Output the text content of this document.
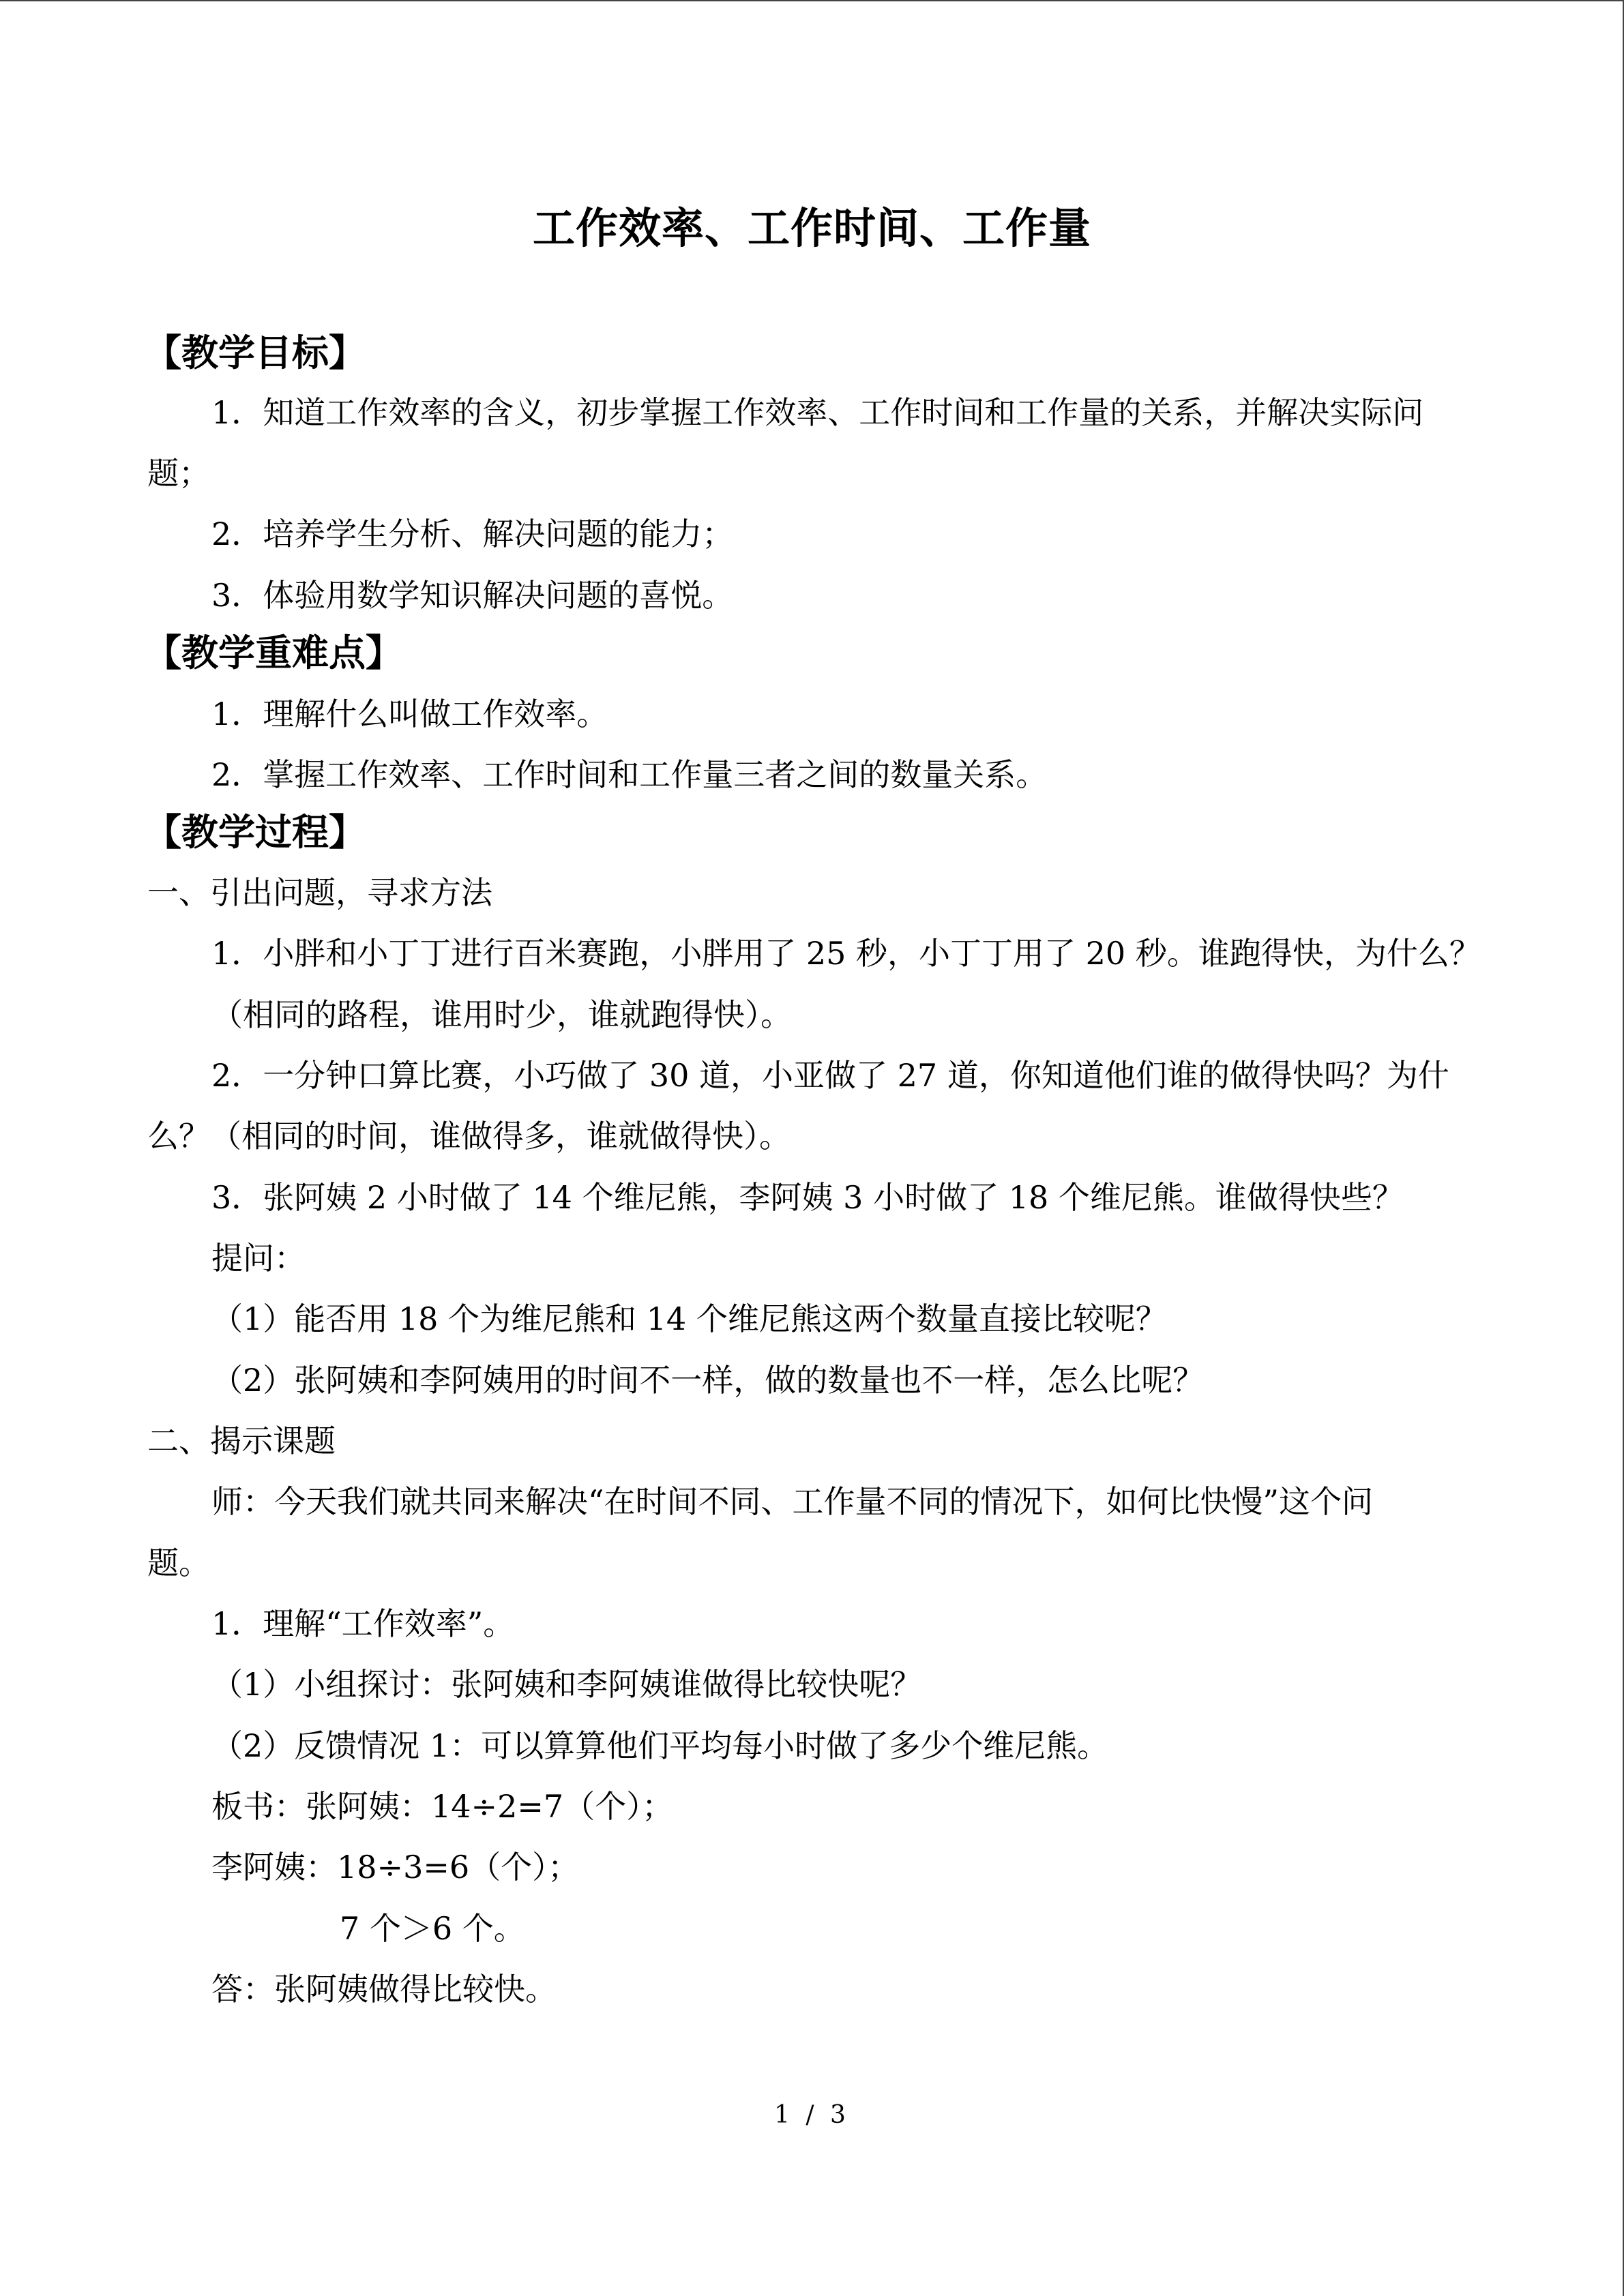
工作效率、工作时间、工作量
【教学目标】
1．知道工作效率的含义，初步掌握工作效率、工作时间和工作量的关系，并解决实际问
题；
2．培养学生分析、解决问题的能力；
3．体验用数学知识解决问题的喜悦。
【教学重难点】
1．理解什么叫做工作效率。
2．掌握工作效率、工作时间和工作量三者之间的数量关系。
【教学过程】
一、引出问题，寻求方法
1．小胖和小丁丁进行百米赛跑，小胖用了 25 秒，小丁丁用了 20 秒。谁跑得快，为什么？
（相同的路程，谁用时少，谁就跑得快）。
2．一分钟口算比赛，小巧做了 30 道，小亚做了 27 道，你知道他们谁的做得快吗？为什
么？（相同的时间，谁做得多，谁就做得快）。
3．张阿姨 2 小时做了 14 个维尼熊，李阿姨 3 小时做了 18 个维尼熊。谁做得快些？
提问：
（1）能否用 18 个为维尼熊和 14 个维尼熊这两个数量直接比较呢？
（2）张阿姨和李阿姨用的时间不一样，做的数量也不一样，怎么比呢？
二、揭示课题
师：今天我们就共同来解决“在时间不同、工作量不同的情况下，如何比快慢”这个问
题。
1．理解“工作效率”。
（1）小组探讨：张阿姨和李阿姨谁做得比较快呢？
（2）反馈情况 1：可以算算他们平均每小时做了多少个维尼熊。
板书：张阿姨：14÷2=7（个）；
李阿姨：18÷3=6（个）；
7 个＞6 个。
答：张阿姨做得比较快。
1 / 3
